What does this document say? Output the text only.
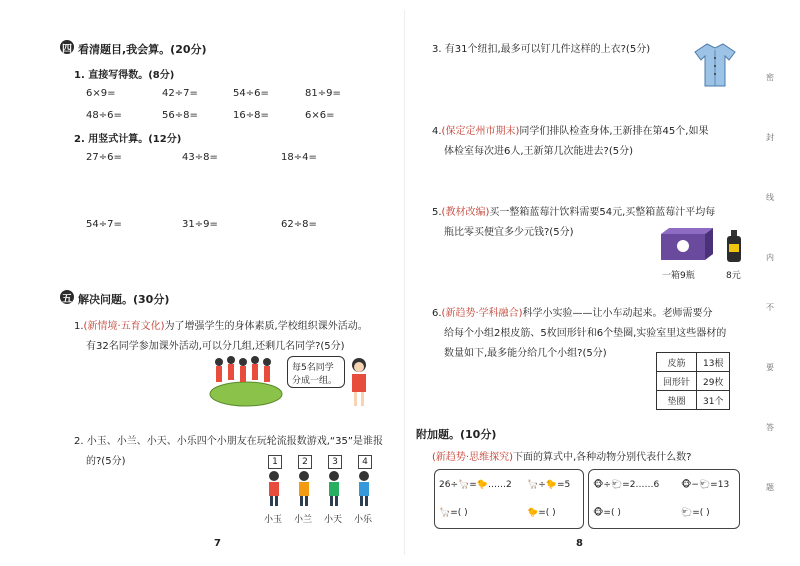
四 看清题目,我会算。(20分)
1. 直接写得数。(8分)
6×9=	42÷7=	54÷6=	81÷9=
48÷6=	56÷8=	16÷8=	6×6=
2. 用竖式计算。(12分)
27÷6=	43÷8=	18÷4=
54÷7=	31÷9=	62÷8=
五 解决问题。(30分)
1.(新情境·五育文化)为了增强学生的身体素质,学校组织课外活动。
有32名同学参加课外活动,可以分几组,还剩几名同学?(5分)
每5名同学
分成一组。
2. 小玉、小兰、小天、小乐四个小朋友在玩轮流报数游戏,“35”是谁报
的?(5分)	1	2	3	4
小玉 小兰 小天 小乐
7
3. 有31个纽扣,最多可以钉几件这样的上衣?(5分)
4.(保定定州市期末)同学们排队检查身体,王新排在第45个,如果
体检室每次进6人,王新第几次能进去?(5分)
5.(教材改编)买一整箱蓝莓汁饮料需要54元,买整箱蓝莓汁平均每
瓶比零买便宜多少元钱?(5分)
一箱9瓶	8元
6.(新趋势·学科融合)科学小实验——让小车动起来。老师需要分
给每个小组2根皮筋、5枚回形针和6个垫圈,实验室里这些器材的
数量如下,最多能分给几个小组?(5分)
皮筋	13根
回形针	29枚
垫圈	31个
附加题。(10分)
(新趋势·思维探究)下面的算式中,各种动物分别代表什么数?
26÷🦙=🐤……2 🦙÷🐤=5
🦙=( )	🐤=( )
🐵÷🐑=2……6 🐵−🐑=13
🐵=( )	🐑=( )
8
密
封
线
内
不
要
答
题
